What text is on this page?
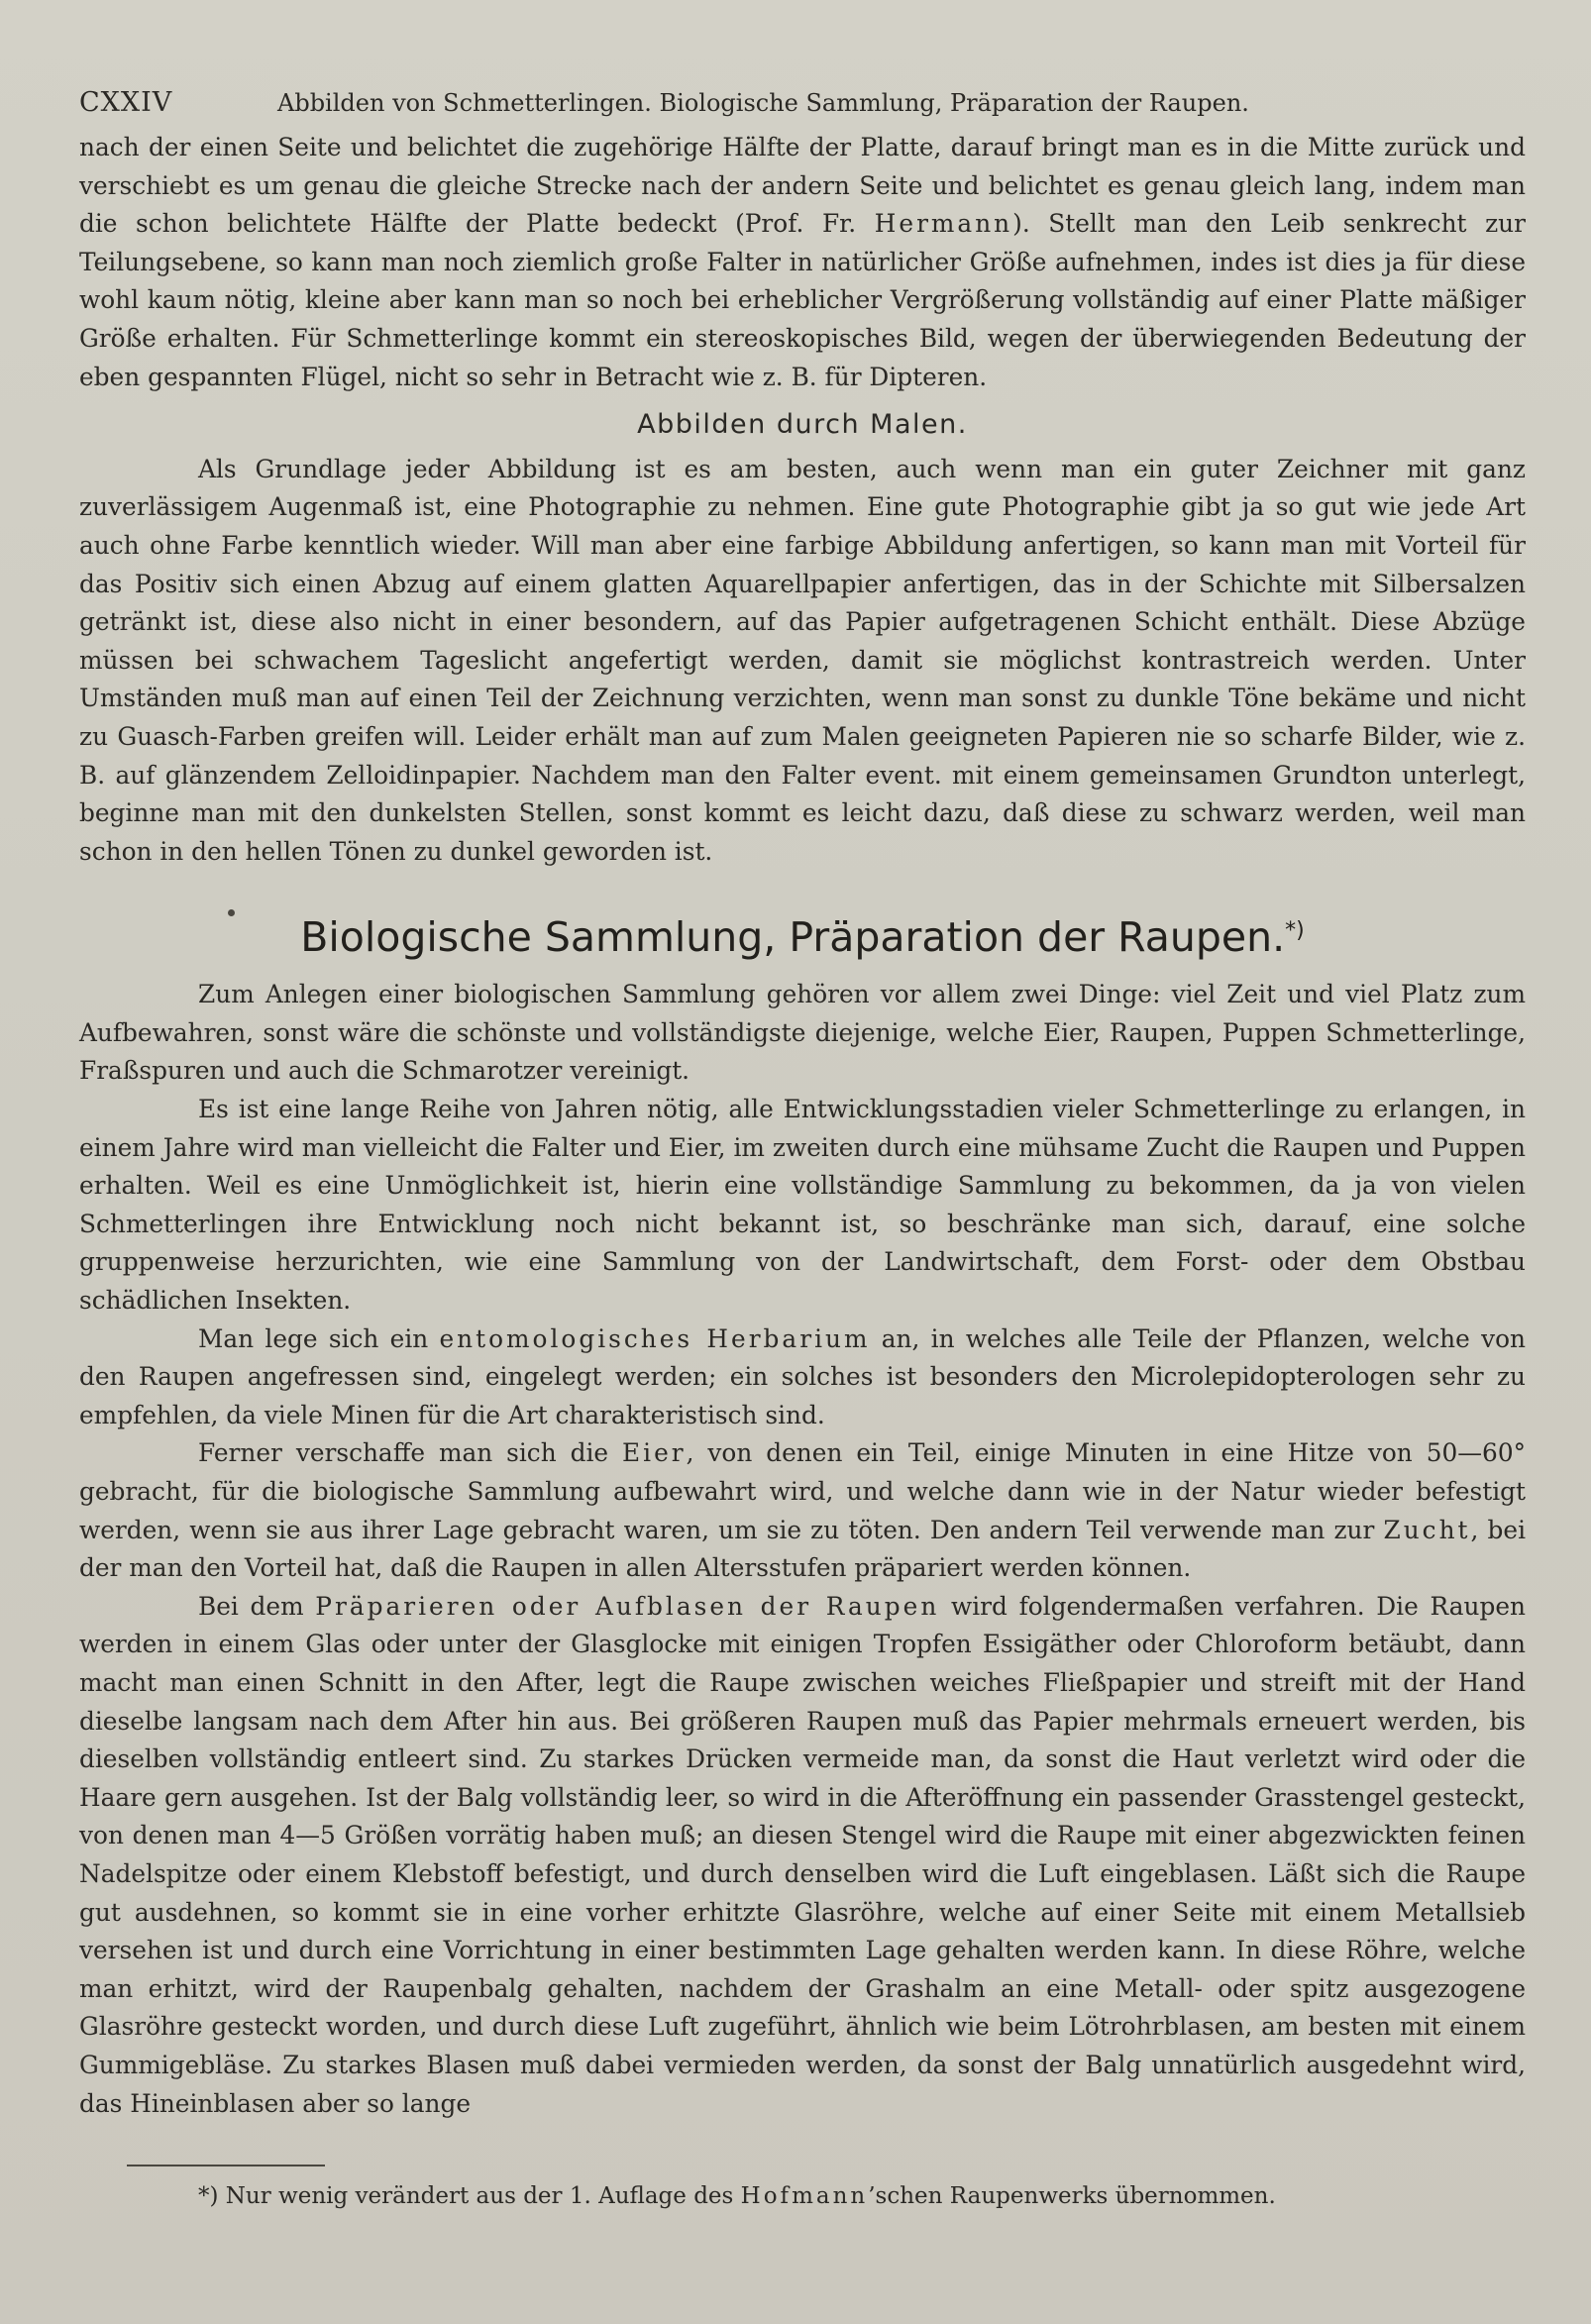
CXXIV	Abbilden von Schmetterlingen. Biologische Sammlung, Präparation der Raupen.

nach der einen Seite und belichtet die zugehörige Hälfte der Platte, darauf bringt man es in die Mitte zurück und verschiebt es um genau die gleiche Strecke nach der andern Seite und belichtet es genau gleich lang, indem man die schon belichtete Hälfte der Platte bedeckt (Prof. Fr. Hermann). Stellt man den Leib senkrecht zur Teilungsebene, so kann man noch ziemlich große Falter in natürlicher Größe aufnehmen, indes ist dies ja für diese wohl kaum nötig, kleine aber kann man so noch bei erheblicher Vergrößerung vollständig auf einer Platte mäßiger Größe erhalten. Für Schmetterlinge kommt ein stereoskopisches Bild, wegen der überwiegenden Bedeutung der eben gespannten Flügel, nicht so sehr in Betracht wie z. B. für Dipteren.

Abbilden durch Malen.

Als Grundlage jeder Abbildung ist es am besten, auch wenn man ein guter Zeichner mit ganz zuverlässigem Augenmaß ist, eine Photographie zu nehmen. Eine gute Photographie gibt ja so gut wie jede Art auch ohne Farbe kenntlich wieder. Will man aber eine farbige Abbildung anfertigen, so kann man mit Vorteil für das Positiv sich einen Abzug auf einem glatten Aquarellpapier anfertigen, das in der Schichte mit Silbersalzen getränkt ist, diese also nicht in einer besondern, auf das Papier aufgetragenen Schicht enthält. Diese Abzüge müssen bei schwachem Tageslicht angefertigt werden, damit sie möglichst kontrastreich werden. Unter Umständen muß man auf einen Teil der Zeichnung verzichten, wenn man sonst zu dunkle Töne bekäme und nicht zu Guasch-Farben greifen will. Leider erhält man auf zum Malen geeigneten Papieren nie so scharfe Bilder, wie z. B. auf glänzendem Zelloidinpapier. Nachdem man den Falter event. mit einem gemeinsamen Grundton unterlegt, beginne man mit den dunkelsten Stellen, sonst kommt es leicht dazu, daß diese zu schwarz werden, weil man schon in den hellen Tönen zu dunkel geworden ist.

Biologische Sammlung, Präparation der Raupen.*)

Zum Anlegen einer biologischen Sammlung gehören vor allem zwei Dinge: viel Zeit und viel Platz zum Aufbewahren, sonst wäre die schönste und vollständigste diejenige, welche Eier, Raupen, Puppen Schmetterlinge, Fraßspuren und auch die Schmarotzer vereinigt.

Es ist eine lange Reihe von Jahren nötig, alle Entwicklungsstadien vieler Schmetterlinge zu erlangen, in einem Jahre wird man vielleicht die Falter und Eier, im zweiten durch eine mühsame Zucht die Raupen und Puppen erhalten. Weil es eine Unmöglichkeit ist, hierin eine vollständige Sammlung zu bekommen, da ja von vielen Schmetterlingen ihre Entwicklung noch nicht bekannt ist, so beschränke man sich, darauf, eine solche gruppenweise herzurichten, wie eine Sammlung von der Landwirtschaft, dem Forst- oder dem Obstbau schädlichen Insekten.

Man lege sich ein entomologisches Herbarium an, in welches alle Teile der Pflanzen, welche von den Raupen angefressen sind, eingelegt werden; ein solches ist besonders den Microlepidopterologen sehr zu empfehlen, da viele Minen für die Art charakteristisch sind.

Ferner verschaffe man sich die Eier, von denen ein Teil, einige Minuten in eine Hitze von 50—60° gebracht, für die biologische Sammlung aufbewahrt wird, und welche dann wie in der Natur wieder befestigt werden, wenn sie aus ihrer Lage gebracht waren, um sie zu töten. Den andern Teil verwende man zur Zucht, bei der man den Vorteil hat, daß die Raupen in allen Altersstufen präpariert werden können.

Bei dem Präparieren oder Aufblasen der Raupen wird folgendermaßen verfahren. Die Raupen werden in einem Glas oder unter der Glasglocke mit einigen Tropfen Essigäther oder Chloroform betäubt, dann macht man einen Schnitt in den After, legt die Raupe zwischen weiches Fließpapier und streift mit der Hand dieselbe langsam nach dem After hin aus. Bei größeren Raupen muß das Papier mehrmals erneuert werden, bis dieselben vollständig entleert sind. Zu starkes Drücken vermeide man, da sonst die Haut verletzt wird oder die Haare gern ausgehen. Ist der Balg vollständig leer, so wird in die Afteröffnung ein passender Grasstengel gesteckt, von denen man 4—5 Größen vorrätig haben muß; an diesen Stengel wird die Raupe mit einer abgezwickten feinen Nadelspitze oder einem Klebstoff befestigt, und durch denselben wird die Luft eingeblasen. Läßt sich die Raupe gut ausdehnen, so kommt sie in eine vorher erhitzte Glasröhre, welche auf einer Seite mit einem Metallsieb versehen ist und durch eine Vorrichtung in einer bestimmten Lage gehalten werden kann. In diese Röhre, welche man erhitzt, wird der Raupenbalg gehalten, nachdem der Grashalm an eine Metall- oder spitz ausgezogene Glasröhre gesteckt worden, und durch diese Luft zugeführt, ähnlich wie beim Lötrohrblasen, am besten mit einem Gummigebläse. Zu starkes Blasen muß dabei vermieden werden, da sonst der Balg unnatürlich ausgedehnt wird, das Hineinblasen aber so lange

*) Nur wenig verändert aus der 1. Auflage des Hofmann’schen Raupenwerks übernommen.
